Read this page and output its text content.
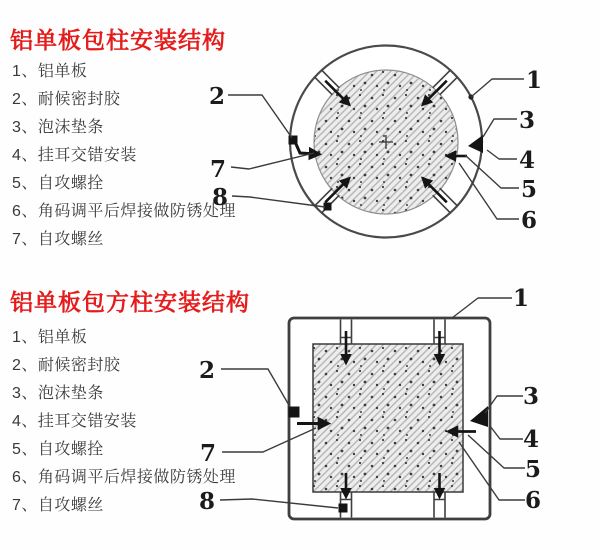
铝单板包柱安装结构
1、铝单板
2、耐候密封胶
3、泡沫垫条
4、挂耳交错安装
5、自攻螺拴
6、角码调平后焊接做防锈处理
7、自攻螺丝
2
7
8
1
3
4
5
6
铝单板包方柱安装结构
1、铝单板
2、耐候密封胶
3、泡沫垫条
4、挂耳交错安装
5、自攻螺拴
6、角码调平后焊接做防锈处理
7、自攻螺丝
2
7
8
1
3
4
5
6
